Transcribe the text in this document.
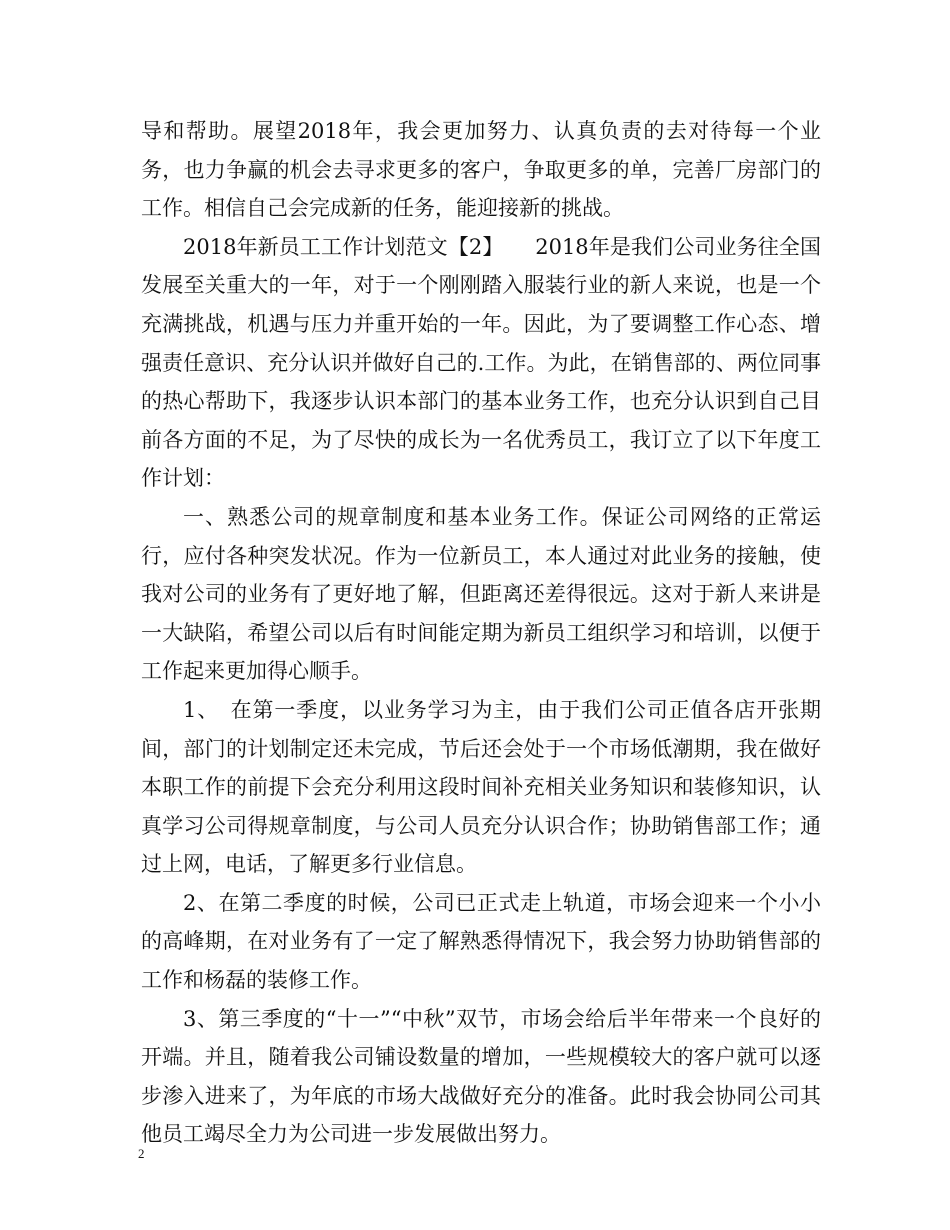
导和帮助。展望2018年，我会更加努力、认真负责的去对待每一个业务，也力争赢的机会去寻求更多的客户，争取更多的单，完善厂房部门的工作。相信自己会完成新的任务，能迎接新的挑战。

2018年新员工工作计划范文【2】　　2018年是我们公司业务往全国发展至关重大的一年，对于一个刚刚踏入服装行业的新人来说，也是一个充满挑战，机遇与压力并重开始的一年。因此，为了要调整工作心态、增强责任意识、充分认识并做好自己的.工作。为此，在销售部的、两位同事的热心帮助下，我逐步认识本部门的基本业务工作，也充分认识到自己目前各方面的不足，为了尽快的成长为一名优秀员工，我订立了以下年度工作计划：

一、熟悉公司的规章制度和基本业务工作。保证公司网络的正常运行，应付各种突发状况。作为一位新员工，本人通过对此业务的接触，使我对公司的业务有了更好地了解，但距离还差得很远。这对于新人来讲是一大缺陷，希望公司以后有时间能定期为新员工组织学习和培训，以便于工作起来更加得心顺手。

1、　在第一季度，以业务学习为主，由于我们公司正值各店开张期间，部门的计划制定还未完成，节后还会处于一个市场低潮期，我在做好本职工作的前提下会充分利用这段时间补充相关业务知识和装修知识，认真学习公司得规章制度，与公司人员充分认识合作；协助销售部工作；通过上网，电话，了解更多行业信息。

2、在第二季度的时候，公司已正式走上轨道，市场会迎来一个小小的高峰期，在对业务有了一定了解熟悉得情况下，我会努力协助销售部的工作和杨磊的装修工作。

3、第三季度的“十一”“中秋”双节，市场会给后半年带来一个良好的开端。并且，随着我公司铺设数量的增加，一些规模较大的客户就可以逐步渗入进来了，为年底的市场大战做好充分的准备。此时我会协同公司其他员工竭尽全力为公司进一步发展做出努力。

2
